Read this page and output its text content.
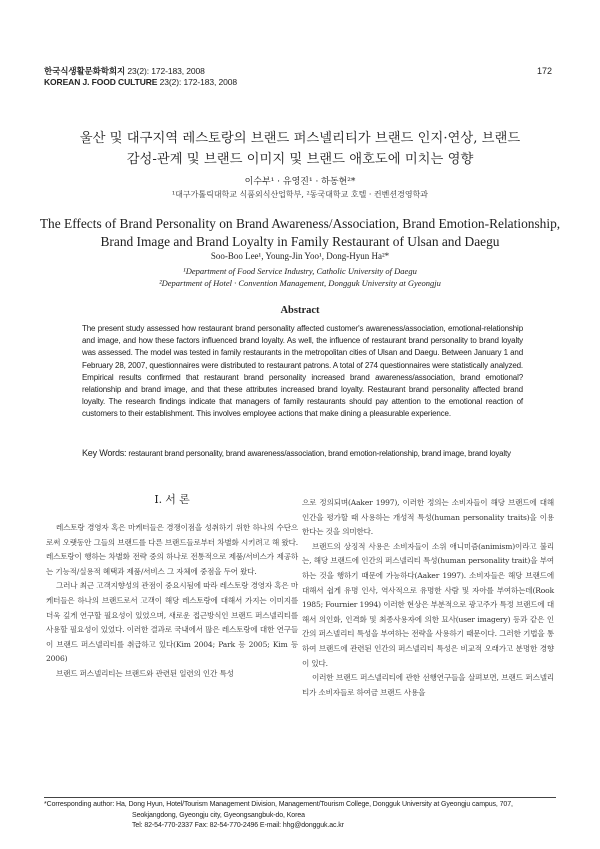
한국식생활문화학회지 23(2): 172-183, 2008
KOREAN J. FOOD CULTURE 23(2): 172-183, 2008
172
울산 및 대구지역 레스토랑의 브랜드 퍼스넬리티가 브랜드 인지·연상, 브랜드
감성-관계 및 브랜드 이미지 및 브랜드 애호도에 미치는 영향
이수부¹ · 유영진¹ · 하동현²*
¹대구가톨릭대학교 식품외식산업학부, ²동국대학교 호텔 · 컨벤션경영학과
The Effects of Brand Personality on Brand Awareness/Association, Brand Emotion-Relationship,
Brand Image and Brand Loyalty in Family Restaurant of Ulsan and Daegu
Soo-Boo Lee¹, Young-Jin Yoo¹, Dong-Hyun Ha²*
¹Department of Food Service Industry, Catholic University of Daegu
²Department of Hotel · Convention Management, Dongguk University at Gyeongju
Abstract
The present study assessed how restaurant brand personality affected customer's awareness/association, emotional-relationship and image, and how these factors influenced brand loyalty. As well, the influence of restaurant brand personality to brand loyalty was assessed. The model was tested in family restaurants in the metropolitan cities of Ulsan and Daegu. Between January 1 and February 28, 2007, questionnaires were distributed to restaurant patrons. A total of 274 questionnaires were statistically analyzed. Empirical results confirmed that restaurant brand personality increased brand awareness/association, brand emotional?relationship and brand image, and that these attributes increased brand loyalty. Restaurant brand personality affected brand loyalty. The research findings indicate that managers of family restaurants should pay attention to the emotional reaction of customers to their establishment. This involves employee actions that make dining a pleasurable experience.
Key Words: restaurant brand personality, brand awareness/association, brand emotion-relationship, brand image, brand loyalty
I. 서 론

레스토랑 경영자 혹은 마케터들은 경쟁이점을 성취하기 위한 하나의 수단으로써 오랫동안 그들의 브랜드를 다른 브랜드들로부터 차별화 시키려고 해 왔다. 레스토랑이 행하는 차별화 전략 중의 하나로 전통적으로 제품/서비스가 제공하는 기능적/실용적 혜택과 제품/서비스 그 자체에 중점을 두어 왔다.

그러나 최근 고객지향성의 관점이 중요시됨에 따라 레스토랑 경영자 혹은 마케터들은 하나의 브랜드로서 고객이 해당 레스토랑에 대해서 가지는 이미지를 더욱 깊게 연구할 필요성이 있었으며, 새로운 접근방식인 브랜드 퍼스넬리티를 사용할 필요성이 있었다. 이러한 결과로 국내에서 많은 레스토랑에 대한 연구들이 브랜드 퍼스넬리티를 취급하고 있다(Kim 2004; Park 등 2005; Kim 등 2006)

브랜드 퍼스넬리티는 브랜드와 관련된 일련의 인간 특성

으로 정의되며(Aaker 1997), 이러한 정의는 소비자들이 해당 브랜드에 대해 인간을 평가할 때 사용하는 개성적 특성(human personality traits)을 이용한다는 것을 의미한다.

브랜드의 상징적 사용은 소비자들이 소위 애니미즘(animism)이라고 불리는, 해당 브랜드에 인간의 퍼스넬리티 특성(human personality trait)을 부여하는 것을 행하기 때문에 가능하다(Aaker 1997). 소비자들은 해당 브랜드에 대해서 쉽게 유명 인사, 역사적으로 유명한 사람 및 자아를 부여하는데(Rook 1985; Fournier 1994) 이러한 현상은 부분적으로 광고주가 특정 브랜드에 대해서 의인화, 인격화 및 최종사용자에 의한 묘사(user imagery) 등과 같은 인간의 퍼스넬리티 특성을 부여하는 전략을 사용하기 때문이다. 그러한 기법을 통하여 브랜드에 관련된 인간의 퍼스넬리티 특성은 비교적 오래가고 분명한 경향이 있다.

이러한 브랜드 퍼스넬리티에 관한 선행연구들을 살펴보면, 브랜드 퍼스넬리티가 소비자들로 하여금 브랜드 사용을

*Corresponding author: Ha, Dong Hyun, Hotel/Tourism Management Division, Management/Tourism College, Dongguk University at Gyeongju campus, 707,
Seokjangdong, Gyeongju city, Gyeongsangbuk-do, Korea
Tel: 82-54-770-2337 Fax: 82-54-770-2496 E-mail: hhg@dongguk.ac.kr
